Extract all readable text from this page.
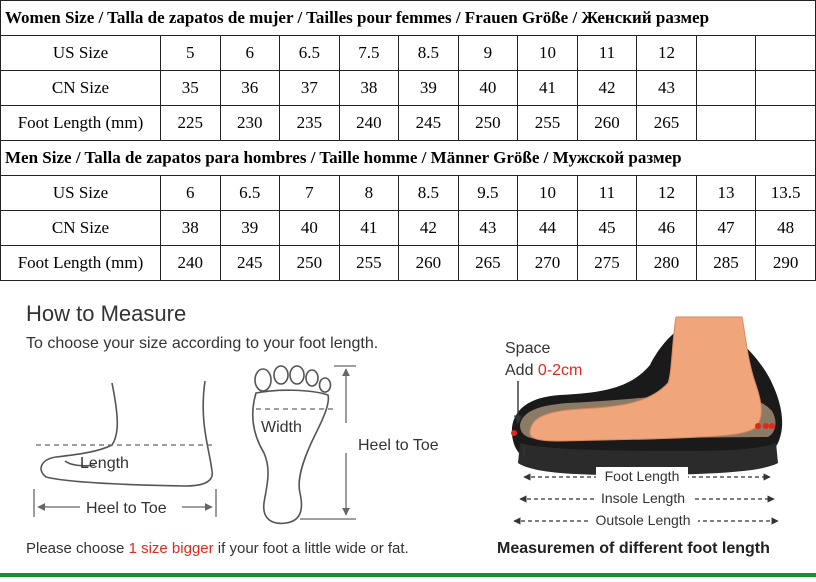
Women Size / Talla de zapatos de mujer / Tailles pour femmes / Frauen Größe / Женский размер											
US Size	5	6	6.5	7.5	8.5	9	10	11	12		
CN Size	35	36	37	38	39	40	41	42	43		
Foot Length (mm)	225	230	235	240	245	250	255	260	265		
Men Size / Talla de zapatos para hombres / Taille homme / Männer Größe / Мужской размер											
US Size	6	6.5	7	8	8.5	9.5	10	11	12	13	13.5
CN Size	38	39	40	41	42	43	44	45	46	47	48
Foot Length (mm)	240	245	250	255	260	265	270	275	280	285	290
How to Measure
To choose your size according to your foot length.
Length
Heel to Toe
Width
Heel to Toe
Please choose 1 size bigger if your foot a little wide or fat.
Foot Length
Insole Length
Outsole Length
Space
Add 0-2cm
Measuremen of different foot length
